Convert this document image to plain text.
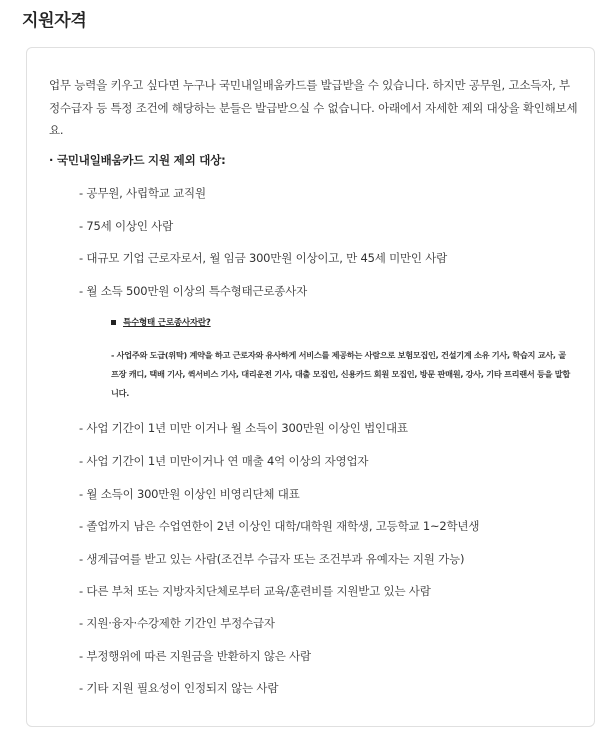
지원자격

업무 능력을 키우고 싶다면 누구나 국민내일배움카드를 발급받을 수 있습니다. 하지만 공무원, 고소득자, 부정수급자 등 특정 조건에 해당하는 분들은 발급받으실 수 없습니다. 아래에서 자세한 제외 대상을 확인해보세요.

· 국민내일배움카드 지원 제외 대상:
- 공무원, 사립학교 교직원
- 75세 이상인 사람
- 대규모 기업 근로자로서, 월 임금 300만원 이상이고, 만 45세 미만인 사람
- 월 소득 500만원 이상의 특수형태근로종사자
특수형태 근로종사자란?

- 사업주와 도급(위탁) 계약을 하고 근로자와 유사하게 서비스를 제공하는 사람으로 보험모집인, 건설기계 소유 기사, 학습지 교사, 골프장 캐디, 택배 기사, 퀵서비스 기사, 대리운전 기사, 대출 모집인, 신용카드 회원 모집인, 방문 판매원, 강사, 기타 프리랜서 등을 말합니다.

- 사업 기간이 1년 미만 이거나 월 소득이 300만원 이상인 법인대표
- 사업 기간이 1년 미만이거나 연 매출 4억 이상의 자영업자
- 월 소득이 300만원 이상인 비영리단체 대표
- 졸업까지 남은 수업연한이 2년 이상인 대학/대학원 재학생, 고등학교 1~2학년생
- 생계급여를 받고 있는 사람(조건부 수급자 또는 조건부과 유예자는 지원 가능)
- 다른 부처 또는 지방자치단체로부터 교육/훈련비를 지원받고 있는 사람
- 지원·융자·수강제한 기간인 부정수급자
- 부정행위에 따른 지원금을 반환하지 않은 사람
- 기타 지원 필요성이 인정되지 않는 사람
